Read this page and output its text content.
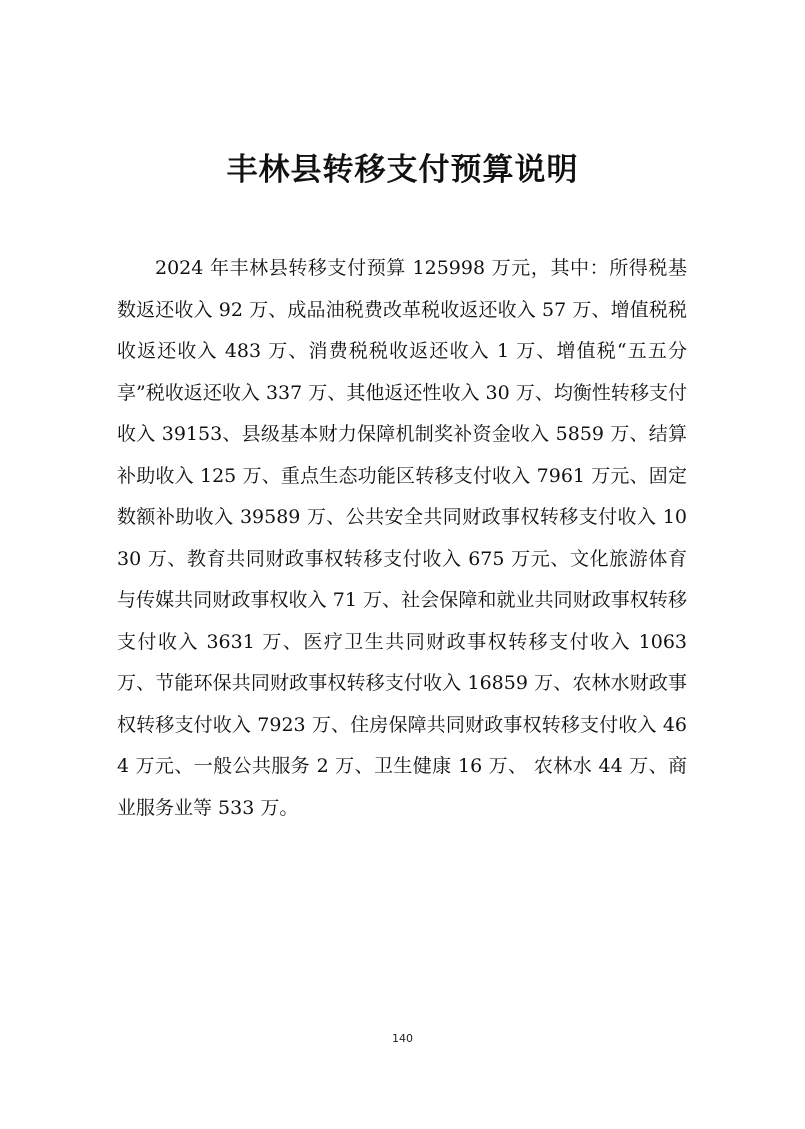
丰林县转移支付预算说明

2024 年丰林县转移支付预算 125998 万元，其中：所得税基数返还收入 92 万、成品油税费改革税收返还收入 57 万、增值税税收返还收入 483 万、消费税税收返还收入 1 万、增值税“五五分享”税收返还收入 337 万、其他返还性收入 30 万、均衡性转移支付收入 39153、县级基本财力保障机制奖补资金收入 5859 万、结算补助收入 125 万、重点生态功能区转移支付收入 7961 万元、固定数额补助收入 39589 万、公共安全共同财政事权转移支付收入 1030 万、教育共同财政事权转移支付收入 675 万元、文化旅游体育与传媒共同财政事权收入 71 万、社会保障和就业共同财政事权转移支付收入 3631 万、医疗卫生共同财政事权转移支付收入 1063 万、节能环保共同财政事权转移支付收入 16859 万、农林水财政事权转移支付收入 7923 万、住房保障共同财政事权转移支付收入 464 万元、一般公共服务 2 万、卫生健康 16 万、 农林水 44 万、商业服务业等 533 万。

140
